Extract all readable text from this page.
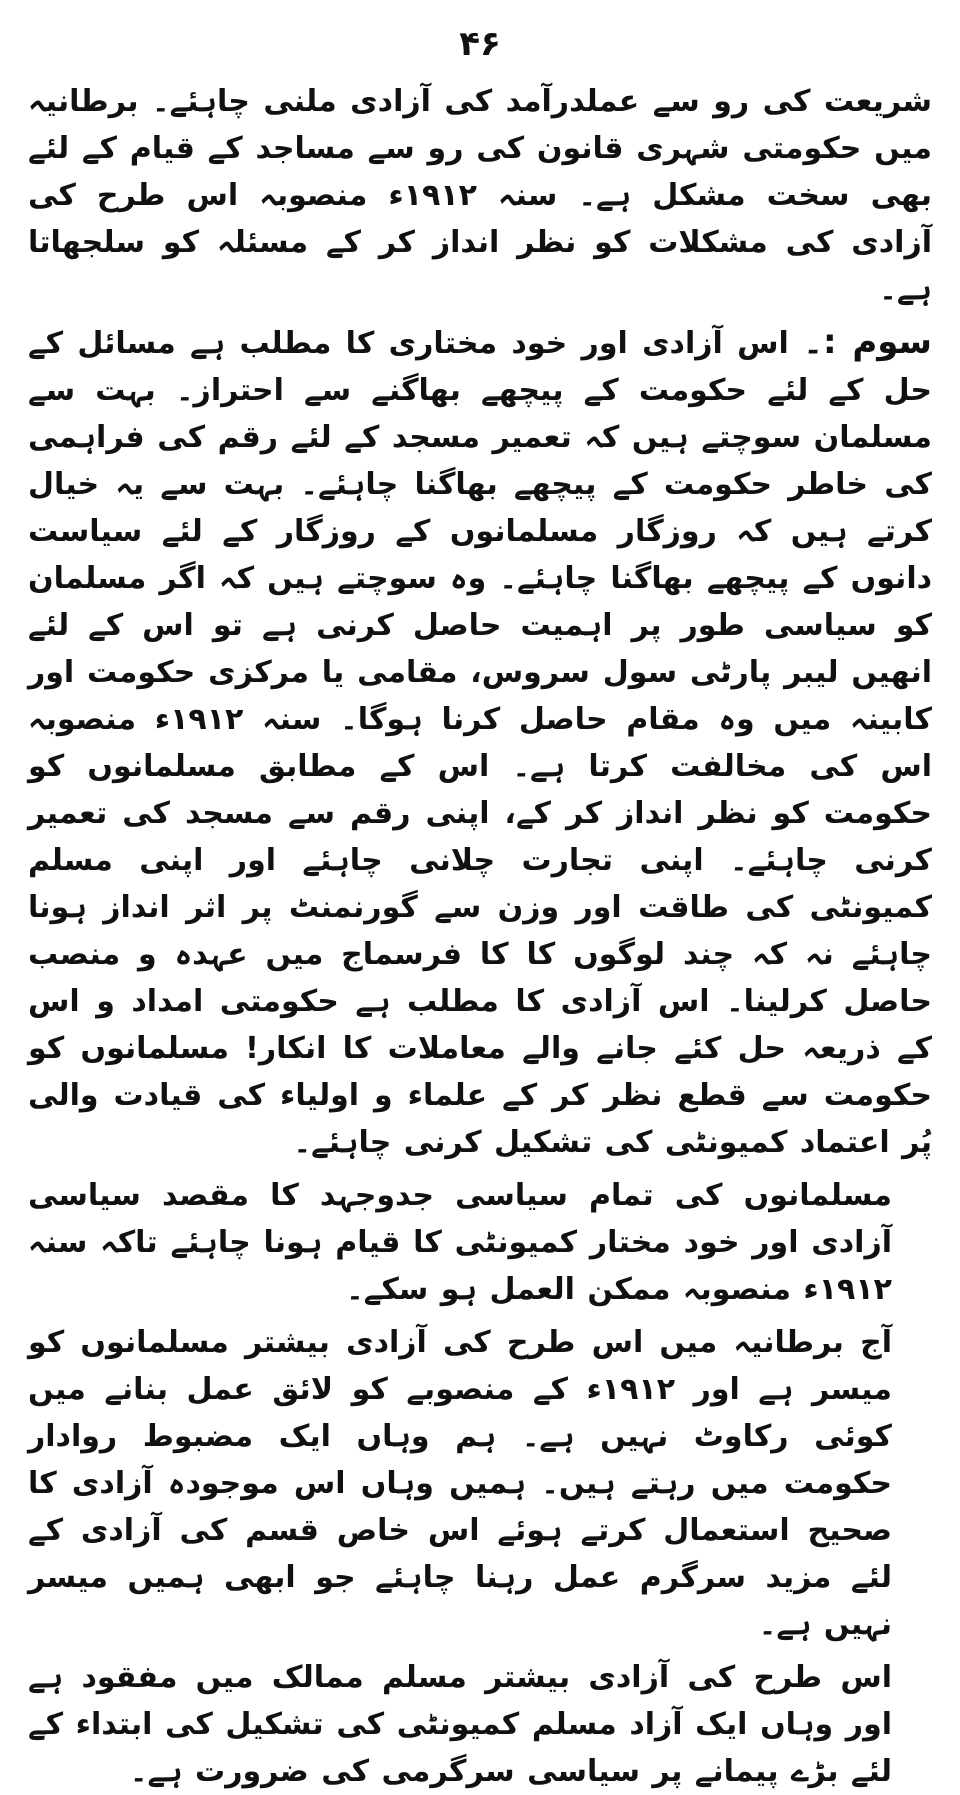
۴۶

شریعت کی رو سے عملدرآمد کی آزادی ملنی چاہئے۔ برطانیہ میں حکومتی شہری قانون کی رو سے مساجد کے قیام کے لئے بھی سخت مشکل ہے۔ سنہ ۱۹۱۲ء منصوبہ اس طرح کی آزادی کی مشکلات کو نظر انداز کر کے مسئلہ کو سلجھاتا ہے۔

سوم :۔ اس آزادی اور خود مختاری کا مطلب ہے مسائل کے حل کے لئے حکومت کے پیچھے بھاگنے سے احتراز۔ بہت سے مسلمان سوچتے ہیں کہ تعمیر مسجد کے لئے رقم کی فراہمی کی خاطر حکومت کے پیچھے بھاگنا چاہئے۔ بہت سے یہ خیال کرتے ہیں کہ روزگار مسلمانوں کے روزگار کے لئے سیاست دانوں کے پیچھے بھاگنا چاہئے۔ وہ سوچتے ہیں کہ اگر مسلمان کو سیاسی طور پر اہمیت حاصل کرنی ہے تو اس کے لئے انھیں لیبر پارٹی سول سروس، مقامی یا مرکزی حکومت اور کابینہ میں وہ مقام حاصل کرنا ہوگا۔ سنہ ۱۹۱۲ء منصوبہ اس کی مخالفت کرتا ہے۔ اس کے مطابق مسلمانوں کو حکومت کو نظر انداز کر کے، اپنی رقم سے مسجد کی تعمیر کرنی چاہئے۔ اپنی تجارت چلانی چاہئے اور اپنی مسلم کمیونٹی کی طاقت اور وزن سے گورنمنٹ پر اثر انداز ہونا چاہئے نہ کہ چند لوگوں کا کا فرسماج میں عہدہ و منصب حاصل کرلینا۔ اس آزادی کا مطلب ہے حکومتی امداد و اس کے ذریعہ حل کئے جانے والے معاملات کا انکار! مسلمانوں کو حکومت سے قطع نظر کر کے علماء و اولیاء کی قیادت والی پُر اعتماد کمیونٹی کی تشکیل کرنی چاہئے۔

مسلمانوں کی تمام سیاسی جدوجہد کا مقصد سیاسی آزادی اور خود مختار کمیونٹی کا قیام ہونا چاہئے تاکہ سنہ ۱۹۱۲ء منصوبہ ممکن العمل ہو سکے۔

آج برطانیہ میں اس طرح کی آزادی بیشتر مسلمانوں کو میسر ہے اور ۱۹۱۲ء کے منصوبے کو لائق عمل بنانے میں کوئی رکاوٹ نہیں ہے۔ ہم وہاں ایک مضبوط روادار حکومت میں رہتے ہیں۔ ہمیں وہاں اس موجودہ آزادی کا صحیح استعمال کرتے ہوئے اس خاص قسم کی آزادی کے لئے مزید سرگرم عمل رہنا چاہئے جو ابھی ہمیں میسر نہیں ہے۔

اس طرح کی آزادی بیشتر مسلم ممالک میں مفقود ہے اور وہاں ایک آزاد مسلم کمیونٹی کی تشکیل کی ابتداء کے لئے بڑے پیمانے پر سیاسی سرگرمی کی ضرورت ہے۔
